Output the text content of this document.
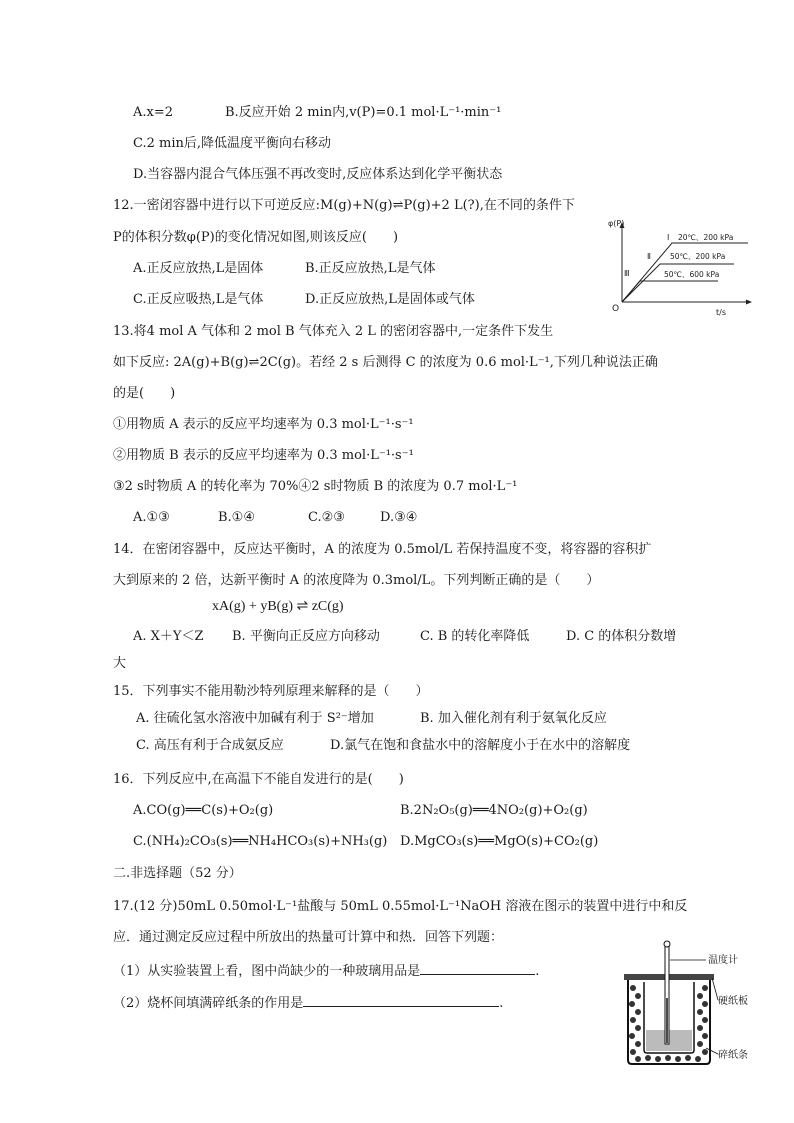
A.x=2	B.反应开始 2 min内,v(P)=0.1 mol·L⁻¹·min⁻¹
C.2 min后,降低温度平衡向右移动
D.当容器内混合气体压强不再改变时,反应体系达到化学平衡状态
12.一密闭容器中进行以下可逆反应:M(g)+N(g)⇌P(g)+2 L(?),在不同的条件下
P的体积分数φ(P)的变化情况如图,则该反应(　　)
A.正反应放热,L是固体	B.正反应放热,L是气体
C.正反应吸热,L是气体	D.正反应放热,L是固体或气体
φ(P)
t/s
O
Ⅰ 20℃、200 kPa
Ⅱ	50℃、200 kPa
Ⅲ	50℃、600 kPa
13.将4 mol A 气体和 2 mol B 气体充入 2 L 的密闭容器中,一定条件下发生
如下反应: 2A(g)+B(g)⇌2C(g)。若经 2 s 后测得 C 的浓度为 0.6 mol·L⁻¹,下列几种说法正确
的是(　　)
①用物质 A 表示的反应平均速率为 0.3 mol·L⁻¹·s⁻¹
②用物质 B 表示的反应平均速率为 0.3 mol·L⁻¹·s⁻¹
③2 s时物质 A 的转化率为 70%④2 s时物质 B 的浓度为 0.7 mol·L⁻¹
A.①③	B.①④	C.②③	D.③④
14．在密闭容器中，反应达平衡时，A 的浓度为 0.5mol/L 若保持温度不变，将容器的容积扩
大到原来的 2 倍，达新平衡时 A 的浓度降为 0.3mol/L。下列判断正确的是（　　）
xA(g) + yB(g) ⇌ zC(g)
A. X＋Y＜Z B. 平衡向正反应方向移动	C. B 的转化率降低	D. C 的体积分数增
大
15．下列事实不能用勒沙特列原理来解释的是（　　）
A. 往硫化氢水溶液中加碱有利于 S²⁻增加	B. 加入催化剂有利于氨氧化反应
C. 高压有利于合成氨反应	D.氯气在饱和食盐水中的溶解度小于在水中的溶解度
16．下列反应中,在高温下不能自发进行的是(　　)
A.CO(g)══C(s)+O₂(g)	B.2N₂O₅(g)══4NO₂(g)+O₂(g)
C.(NH₄)₂CO₃(s)══NH₄HCO₃(s)+NH₃(g) D.MgCO₃(s)══MgO(s)+CO₂(g)
二.非选择题（52 分）
17.(12 分)50mL 0.50mol·L⁻¹盐酸与 50mL 0.55mol·L⁻¹NaOH 溶液在图示的装置中进行中和反
应．通过测定反应过程中所放出的热量可计算中和热．回答下列题：
（1）从实验装置上看，图中尚缺少的一种玻璃用品是	.
（2）烧杯间填满碎纸条的作用是	.
温度计
硬纸板
碎纸条
